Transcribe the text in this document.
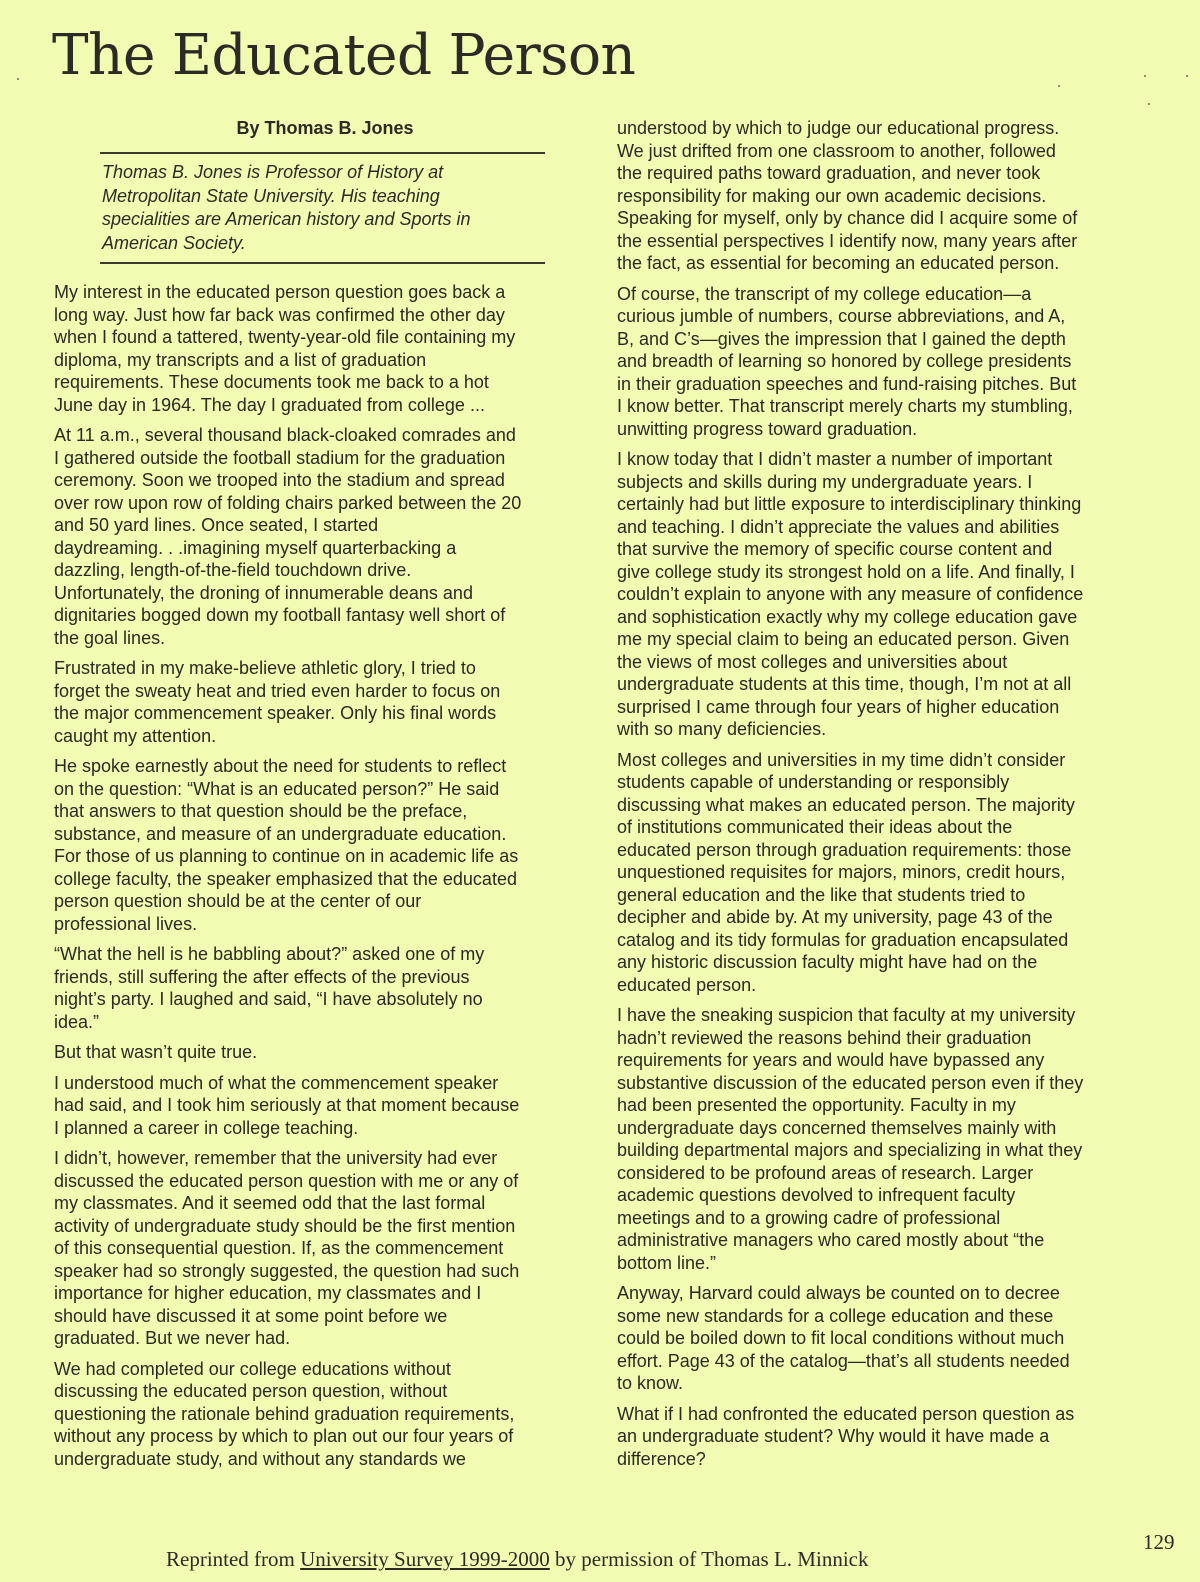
The Educated Person
By Thomas B. Jones
Thomas B. Jones is Professor of History at
Metropolitan State University. His teaching
specialities are American history and Sports in
American Society.

My interest in the educated person question goes back a
long way. Just how far back was confirmed the other day
when I found a tattered, twenty-year-old file containing my
diploma, my transcripts and a list of graduation
requirements. These documents took me back to a hot
June day in 1964. The day I graduated from college ...

At 11 a.m., several thousand black-cloaked comrades and
I gathered outside the football stadium for the graduation
ceremony. Soon we trooped into the stadium and spread
over row upon row of folding chairs parked between the 20
and 50 yard lines. Once seated, I started
daydreaming. . .imagining myself quarterbacking a
dazzling, length-of-the-field touchdown drive.
Unfortunately, the droning of innumerable deans and
dignitaries bogged down my football fantasy well short of
the goal lines.

Frustrated in my make-believe athletic glory, I tried to
forget the sweaty heat and tried even harder to focus on
the major commencement speaker. Only his final words
caught my attention.

He spoke earnestly about the need for students to reflect
on the question: “What is an educated person?” He said
that answers to that question should be the preface,
substance, and measure of an undergraduate education.
For those of us planning to continue on in academic life as
college faculty, the speaker emphasized that the educated
person question should be at the center of our
professional lives.

“What the hell is he babbling about?” asked one of my
friends, still suffering the after effects of the previous
night’s party. I laughed and said, “I have absolutely no
idea.”

But that wasn’t quite true.

I understood much of what the commencement speaker
had said, and I took him seriously at that moment because
I planned a career in college teaching.

I didn’t, however, remember that the university had ever
discussed the educated person question with me or any of
my classmates. And it seemed odd that the last formal
activity of undergraduate study should be the first mention
of this consequential question. If, as the commencement
speaker had so strongly suggested, the question had such
importance for higher education, my classmates and I
should have discussed it at some point before we
graduated. But we never had.

We had completed our college educations without
discussing the educated person question, without
questioning the rationale behind graduation requirements,
without any process by which to plan out our four years of
undergraduate study, and without any standards we

understood by which to judge our educational progress.
We just drifted from one classroom to another, followed
the required paths toward graduation, and never took
responsibility for making our own academic decisions.
Speaking for myself, only by chance did I acquire some of
the essential perspectives I identify now, many years after
the fact, as essential for becoming an educated person.

Of course, the transcript of my college education—a
curious jumble of numbers, course abbreviations, and A,
B, and C’s—gives the impression that I gained the depth
and breadth of learning so honored by college presidents
in their graduation speeches and fund-raising pitches. But
I know better. That transcript merely charts my stumbling,
unwitting progress toward graduation.

I know today that I didn’t master a number of important
subjects and skills during my undergraduate years. I
certainly had but little exposure to interdisciplinary thinking
and teaching. I didn’t appreciate the values and abilities
that survive the memory of specific course content and
give college study its strongest hold on a life. And finally, I
couldn’t explain to anyone with any measure of confidence
and sophistication exactly why my college education gave
me my special claim to being an educated person. Given
the views of most colleges and universities about
undergraduate students at this time, though, I’m not at all
surprised I came through four years of higher education
with so many deficiencies.

Most colleges and universities in my time didn’t consider
students capable of understanding or responsibly
discussing what makes an educated person. The majority
of institutions communicated their ideas about the
educated person through graduation requirements: those
unquestioned requisites for majors, minors, credit hours,
general education and the like that students tried to
decipher and abide by. At my university, page 43 of the
catalog and its tidy formulas for graduation encapsulated
any historic discussion faculty might have had on the
educated person.

I have the sneaking suspicion that faculty at my university
hadn’t reviewed the reasons behind their graduation
requirements for years and would have bypassed any
substantive discussion of the educated person even if they
had been presented the opportunity. Faculty in my
undergraduate days concerned themselves mainly with
building departmental majors and specializing in what they
considered to be profound areas of research. Larger
academic questions devolved to infrequent faculty
meetings and to a growing cadre of professional
administrative managers who cared mostly about “the
bottom line.”

Anyway, Harvard could always be counted on to decree
some new standards for a college education and these
could be boiled down to fit local conditions without much
effort. Page 43 of the catalog—that’s all students needed
to know.

What if I had confronted the educated person question as
an undergraduate student? Why would it have made a
difference?

129
Reprinted from University Survey 1999-2000 by permission of Thomas L. Minnick
